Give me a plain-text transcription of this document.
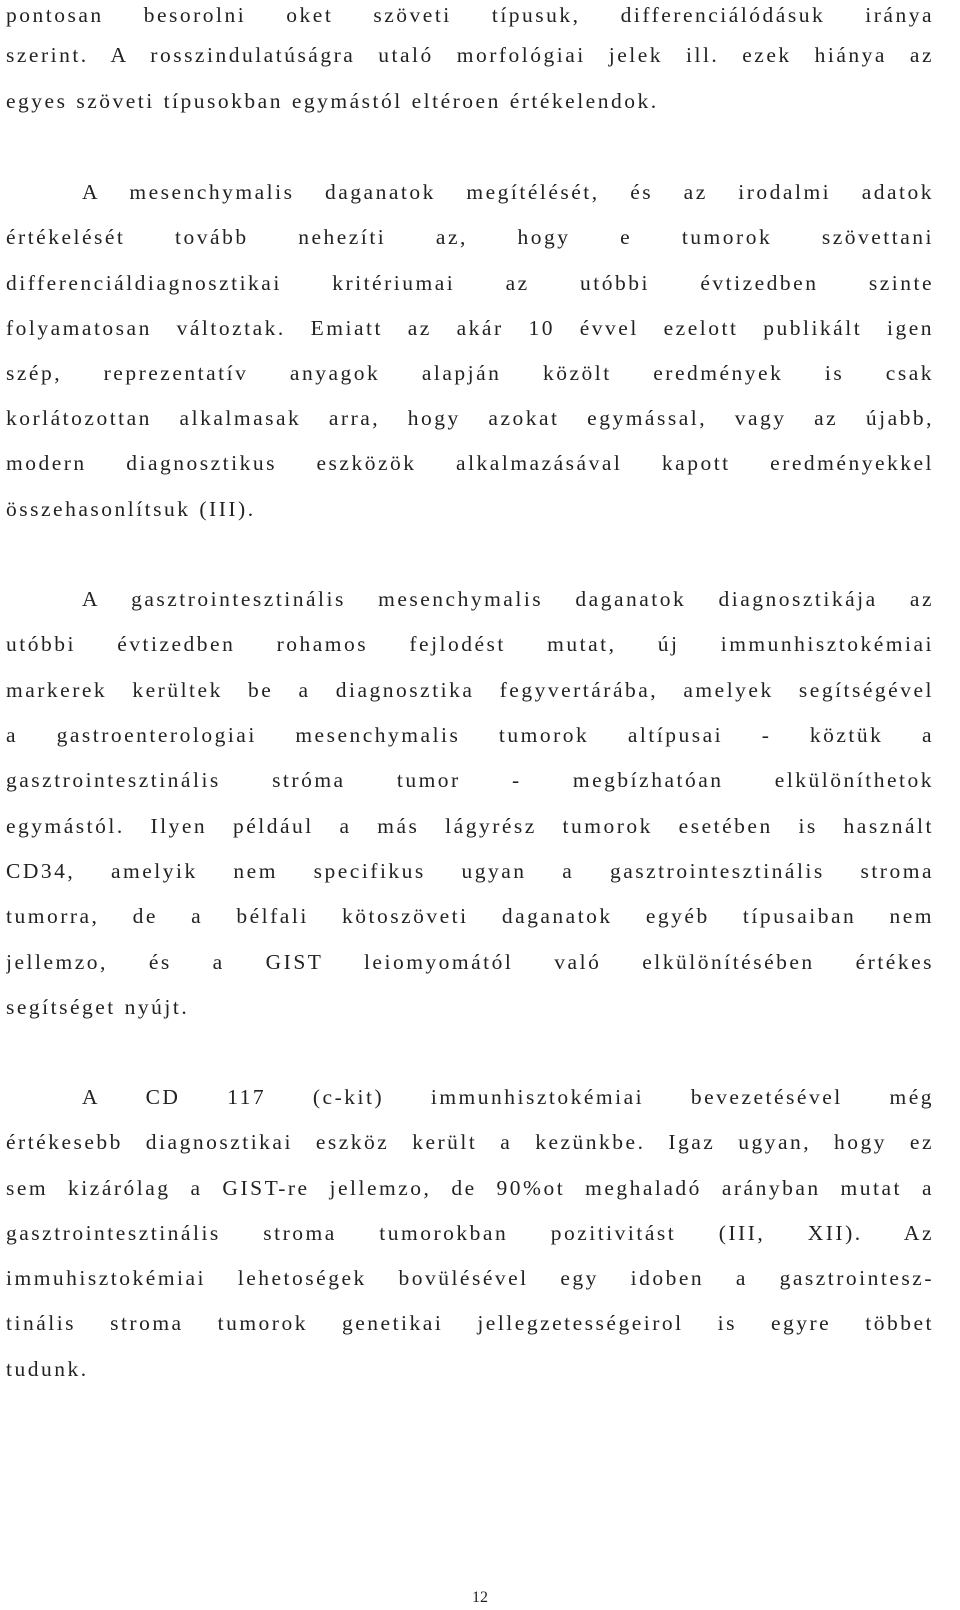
pontosan besorolni oket szöveti típusuk, differenciálódásuk iránya
szerint. A rosszindulatúságra utaló morfológiai jelek ill. ezek hiánya az
egyes szöveti típusokban egymástól eltéroen értékelendok.
A mesenchymalis daganatok megítélését, és az irodalmi adatok
értékelését tovább nehezíti az, hogy e tumorok szövettani
differenciáldiagnosztikai kritériumai az utóbbi évtizedben szinte
folyamatosan változtak. Emiatt az akár 10 évvel ezelott publikált igen
szép, reprezentatív anyagok alapján közölt eredmények is csak
korlátozottan alkalmasak arra, hogy azokat egymással, vagy az újabb,
modern diagnosztikus eszközök alkalmazásával kapott eredményekkel
összehasonlítsuk (III).
A gasztrointesztinális mesenchymalis daganatok diagnosztikája az
utóbbi évtizedben rohamos fejlodést mutat, új immunhisztokémiai
markerek kerültek be a diagnosztika fegyvertárába, amelyek segítségével
a gastroenterologiai mesenchymalis tumorok altípusai - köztük a
gasztrointesztinális stróma tumor - megbízhatóan elkülöníthetok
egymástól. Ilyen például a más lágyrész tumorok esetében is használt
CD34, amelyik nem specifikus ugyan a gasztrointesztinális stroma
tumorra, de a bélfali kötoszöveti daganatok egyéb típusaiban nem
jellemzo, és a GIST leiomyomától való elkülönítésében értékes
segítséget nyújt.
A CD 117 (c-kit) immunhisztokémiai bevezetésével még
értékesebb diagnosztikai eszköz került a kezünkbe. Igaz ugyan, hogy ez
sem kizárólag a GIST-re jellemzo, de 90%ot meghaladó arányban mutat a
gasztrointesztinális stroma tumorokban pozitivitást (III, XII). Az
immuhisztokémiai lehetoségek bovülésével egy idoben a gasztrointesz-
tinális stroma tumorok genetikai jellegzetességeirol is egyre többet
tudunk.
12
